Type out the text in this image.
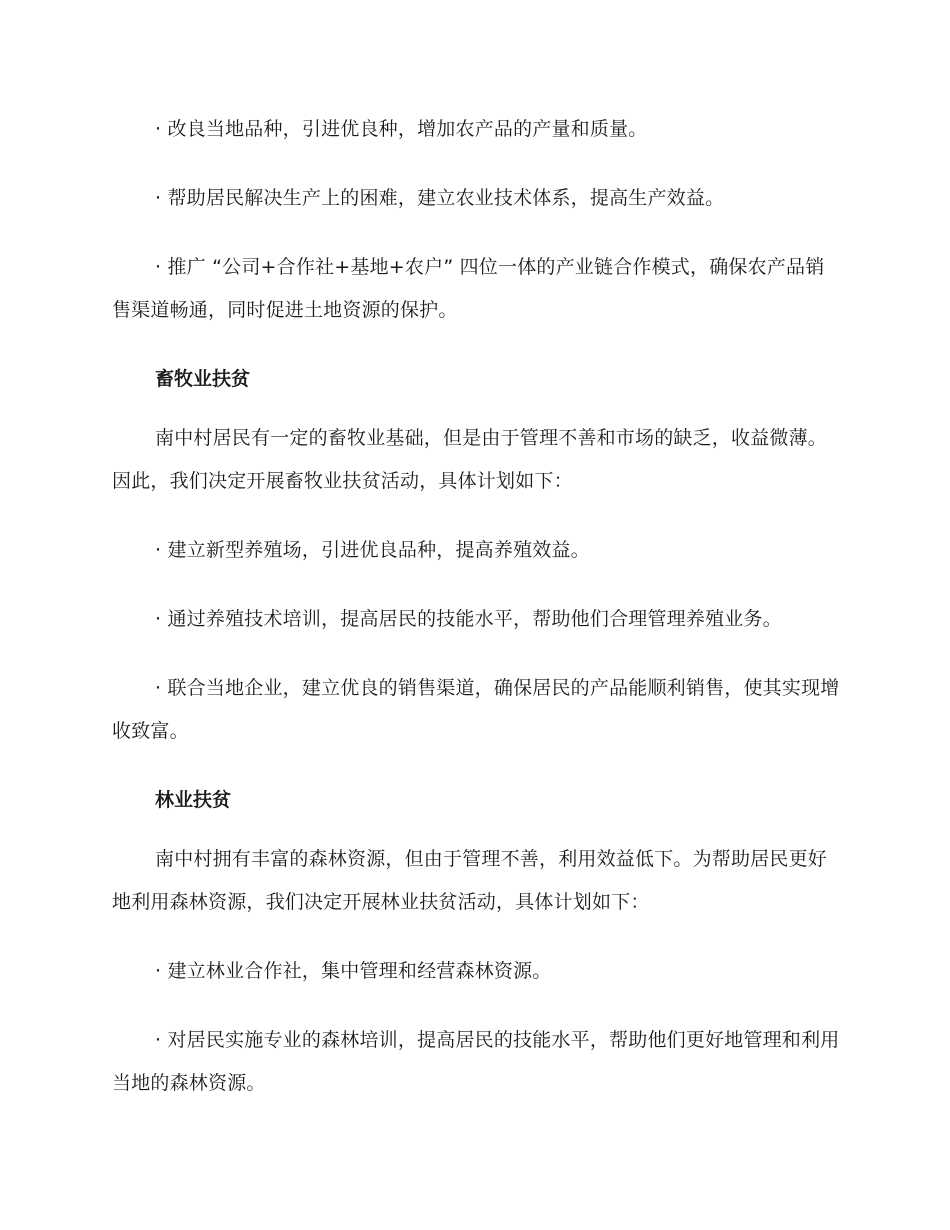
· 改良当地品种，引进优良种，增加农产品的产量和质量。

· 帮助居民解决生产上的困难，建立农业技术体系，提高生产效益。

· 推广 “公司+合作社+基地+农户” 四位一体的产业链合作模式，确保农产品销售渠道畅通，同时促进土地资源的保护。

畜牧业扶贫

南中村居民有一定的畜牧业基础，但是由于管理不善和市场的缺乏，收益微薄。因此，我们决定开展畜牧业扶贫活动，具体计划如下：

· 建立新型养殖场，引进优良品种，提高养殖效益。

· 通过养殖技术培训，提高居民的技能水平，帮助他们合理管理养殖业务。

· 联合当地企业，建立优良的销售渠道，确保居民的产品能顺利销售，使其实现增收致富。

林业扶贫

南中村拥有丰富的森林资源，但由于管理不善，利用效益低下。为帮助居民更好地利用森林资源，我们决定开展林业扶贫活动，具体计划如下：

· 建立林业合作社，集中管理和经营森林资源。

· 对居民实施专业的森林培训，提高居民的技能水平，帮助他们更好地管理和利用当地的森林资源。
